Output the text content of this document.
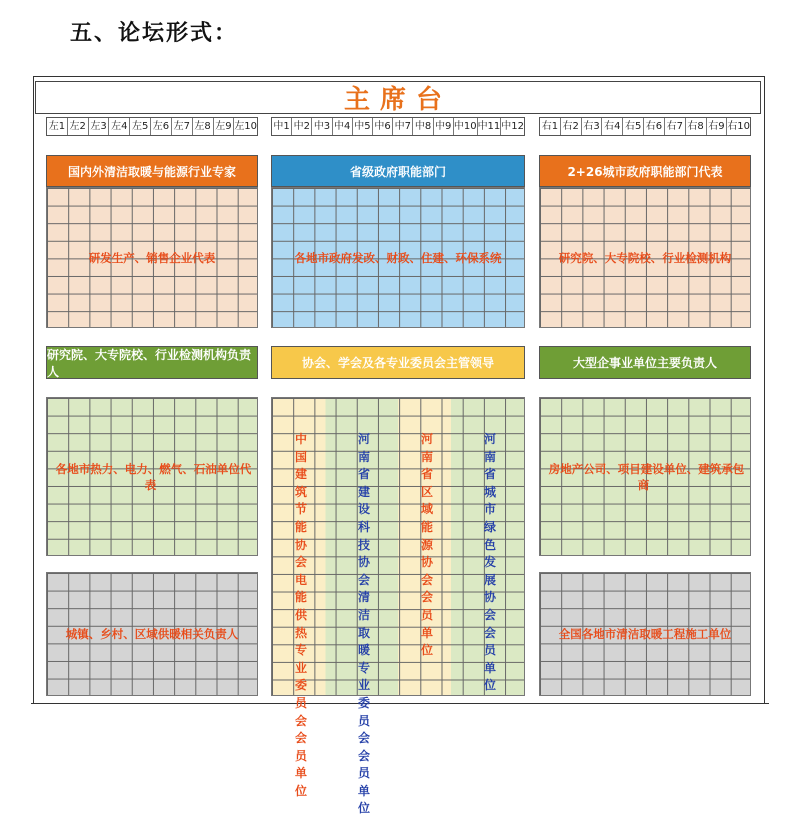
五、论坛形式：
主席台
左1 左2 左3 左4 左5 左6 左7 左8 左9 左10 中1 中2 中3 中4 中5 中6 中7 中8 中9 中10 中11 中12 右1 右2 右3 右4 右5 右6 右7 右8 右9 右10
国内外清洁取暖与能源行业专家
研发生产、销售企业代表
省级政府职能部门
各地市政府发改、财政、住建、环保系统
2+26城市政府职能部门代表
研究院、大专院校、行业检测机构
研究院、大专院校、行业检测机构负责人
各地市热力、电力、燃气、石油单位代表
协会、学会及各专业委员会主管领导
中国建筑节能协会电能供热专业委员会会员单位
河南省建设科技协会清洁取暖专业委员会会员单位
河南省区域能源协会会员单位
河南省城市绿色发展协会会员单位
大型企事业单位主要负责人
房地产公司、项目建设单位、建筑承包商
城镇、乡村、区域供暖相关负责人	全国各地市清洁取暖工程施工单位
